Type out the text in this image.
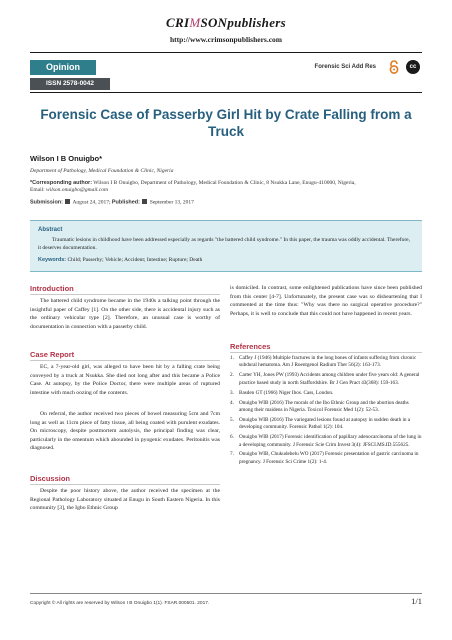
CRIMSONpublishers
http://www.crimsonpublishers.com
Opinion
ISSN 2578-0042
Forensic Sci Add Res	cc
Forensic Case of Passerby Girl Hit by Crate Falling from a Truck
Wilson I B Onuigbo*
Department of Pathology, Medical Foundation & Clinic, Nigeria
*Corresponding author: Wilson I B Onuigbo, Department of Pathology, Medical Foundation & Clinic, 8 Nsukka Lane, Enugu-410000, Nigeria,
Email: wilson.onuigbo@gmail.com
Submission:  August 24, 2017; Published:  September 13, 2017
Abstract
Traumatic lesions in childhood have been addressed especially as regards "the battered child syndrome." In this paper, the trauma was oddly accidental. Therefore, it deserves documentation.
Keywords: Child; Passerby; Vehicle; Accident; Intestine; Rupture; Death
Introduction
The battered child syndrome became in the 1940s a talking point through the insightful paper of Caffey [1]. On the other side, there is accidental injury such as the ordinary vehicular type [2]. Therefore, an unusual case is worthy of documentation in connection with a passerby child.
Case Report
EC, a 7-year-old girl, was alleged to have been hit by a falling crate being conveyed by a truck at Nsukka. She died not long after and this became a Police Case. At autopsy, by the Police Doctor, there were multiple areas of ruptured intestine with much oozing of the contents.
On referral, the author received two pieces of bowel measuring 5cm and 7cm long as well as 11cm piece of fatty tissue, all being coated with purulent exudates. On microscopy, despite postmortem autolysis, the principal finding was clear, particularly in the omentum which abounded in pyogenic exudates. Peritonitis was diagnosed.
Discussion
Despite the poor history above, the author received the specimen at the Regional Pathology Laboratory situated at Enugu in South Eastern Nigeria. In this community [3], the Igbo Ethnic Group
is domiciled. In contrast, some enlightened publications have since been published from this center [4-7]. Unfortunately, the present case was so disheartening that I commented at the time thus: "Why was there no surgical operative procedure?" Perhaps, it is well to conclude that this could not have happened in recent years.
References
1. Caffey J (1946) Multiple fractures in the long bones of infants suffering from chronic subdural hematoma. Am J Roentgenol Radium Ther 56(2): 163-173.
2. Carter YH, Jones PW (1993) Accidents among children under five years old: A general practice based study in north Staffordshire. Br J Gen Pract 43(368): 159-163.
3. Basden GT (1966) Niger Ibos. Cass, London.
4. Onuigbo WIB (2016) The morals of the Ibo Ethnic Group and the abortion deaths among their maidens in Nigeria. Toxicol Forensic Med 1(2): 52-53.
5. Onuigbo WIB (2016) The variegated lesions found at autopsy in sudden death in a developing community. Forensic Pathol 1(2): 104.
6. Onuigbo WIB (2017) Forensic identification of papillary adenocarcinoma of the lung in a developing community. J Forensic Scie Crim Invest 3(4): JFSCI.MS.ID.555625.
7. Onuigbo WIB, Chukudebelu WO (2017) Forensic presentation of gastric carcinoma in pregnancy. J Forensic Sci Crime 1(2): 1-4.
Copyright © All rights are reserved by Wilson I B Onuigbo 1(1). FSAR.000501. 2017.	1/1
